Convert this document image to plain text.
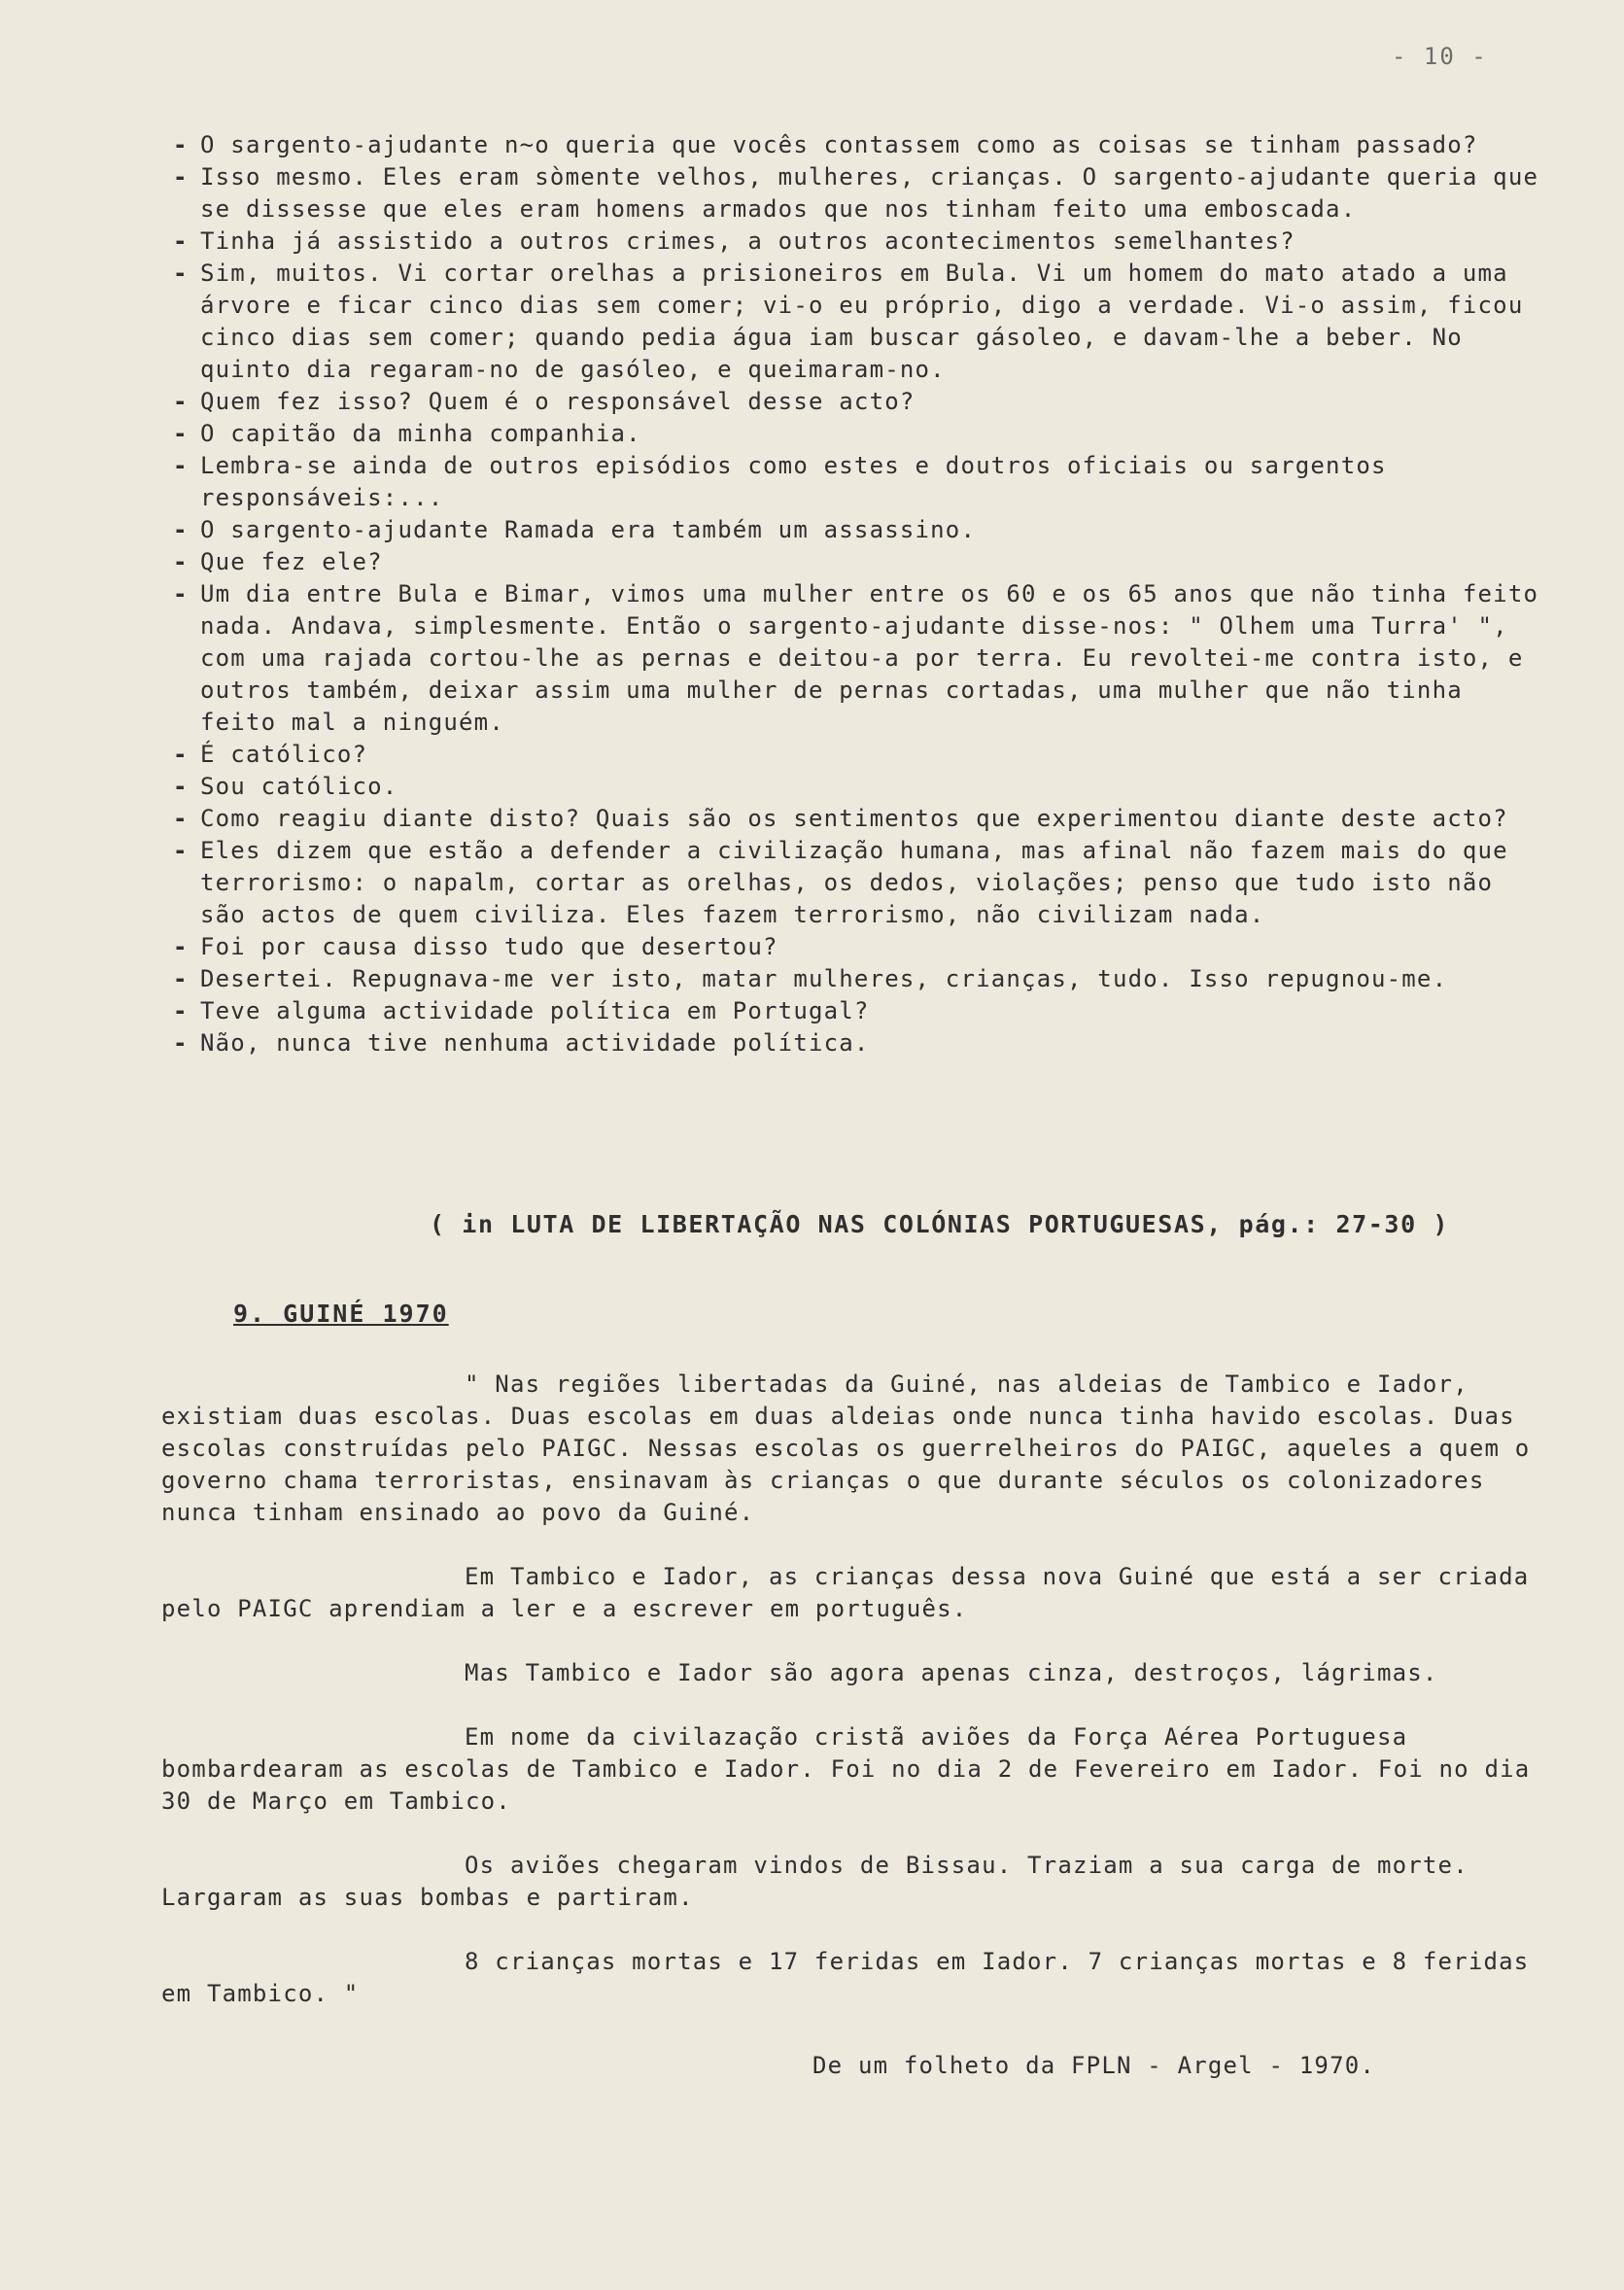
- 10 -
- O sargento-ajudante n~o queria que vocês contassem como as coisas se tinham passado?
- Isso mesmo. Eles eram sòmente velhos, mulheres, crianças. O sargento-ajudante queria que se dissesse que eles eram homens armados que nos tinham feito uma emboscada.
- Tinha já assistido a outros crimes, a outros acontecimentos semelhantes?
- Sim, muitos. Vi cortar orelhas a prisioneiros em Bula. Vi um homem do mato atado a uma árvore e ficar cinco dias sem comer; vi-o eu próprio, digo a verdade. Vi-o assim, ficou cinco dias sem comer; quando pedia água iam buscar gásoleo, e davam-lhe a beber. No quinto dia regaram-no de gasóleo, e queimaram-no.
- Quem fez isso? Quem é o responsável desse acto?
- O capitão da minha companhia.
- Lembra-se ainda de outros episódios como estes e doutros oficiais ou sargentos responsáveis:...
- O sargento-ajudante Ramada era também um assassino.
- Que fez ele?
- Um dia entre Bula e Bimar, vimos uma mulher entre os 60 e os 65 anos que não tinha feito nada. Andava, simplesmente. Então o sargento-ajudante disse-nos: " Olhem uma Turra' ", com uma rajada cortou-lhe as pernas e deitou-a por terra. Eu revoltei-me contra isto, e outros também, deixar assim uma mulher de pernas cortadas, uma mulher que não tinha feito mal a ninguém.
- É católico?
- Sou católico.
- Como reagiu diante disto? Quais são os sentimentos que experimentou diante deste acto?
- Eles dizem que estão a defender a civilização humana, mas afinal não fazem mais do que terrorismo: o napalm, cortar as orelhas, os dedos, violações; penso que tudo isto não são actos de quem civiliza. Eles fazem terrorismo, não civilizam nada.
- Foi por causa disso tudo que desertou?
- Desertei. Repugnava-me ver isto, matar mulheres, crianças, tudo. Isso repugnou-me.
- Teve alguma actividade política em Portugal?
- Não, nunca tive nenhuma actividade política.
( in LUTA DE LIBERTAÇÃO NAS COLÓNIAS PORTUGUESAS, pág.: 27-30 )
9. GUINÉ 1970

" Nas regiões libertadas da Guiné, nas aldeias de Tambico e Iador, existiam duas escolas. Duas escolas em duas aldeias onde nunca tinha havido escolas. Duas escolas construídas pelo PAIGC. Nessas escolas os guerrelheiros do PAIGC, aqueles a quem o governo chama terroristas, ensinavam às crianças o que durante séculos os colonizadores nunca tinham ensinado ao povo da Guiné.

Em Tambico e Iador, as crianças dessa nova Guiné que está a ser criada pelo PAIGC aprendiam a ler e a escrever em português.

Mas Tambico e Iador são agora apenas cinza, destroços, lágrimas.

Em nome da civilazação cristã aviões da Força Aérea Portuguesa bombardearam as escolas de Tambico e Iador. Foi no dia 2 de Fevereiro em Iador. Foi no dia 30 de Março em Tambico.

Os aviões chegaram vindos de Bissau. Traziam a sua carga de morte. Largaram as suas bombas e partiram.

8 crianças mortas e 17 feridas em Iador. 7 crianças mortas e 8 feridas em Tambico. "

De um folheto da FPLN - Argel - 1970.
